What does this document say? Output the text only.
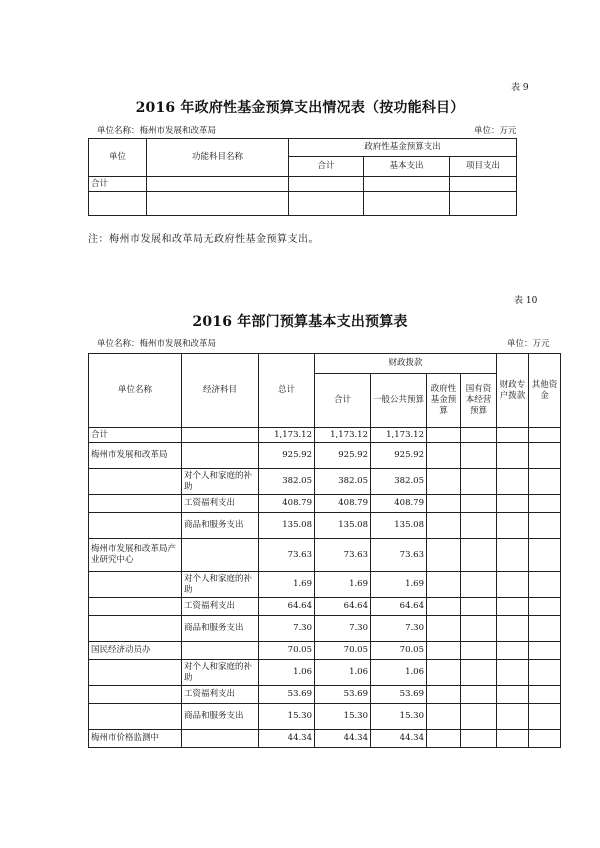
表 9
2016 年政府性基金预算支出情况表（按功能科目）
单位名称：梅州市发展和改革局	单位：万元
单位	功能科目名称	政府性基金预算支出		
		合计	基本支出	项目支出
合计				

注：梅州市发展和改革局无政府性基金预算支出。
表 10
2016 年部门预算基本支出预算表
单位名称：梅州市发展和改革局	单位：万元
单位名称	经济科目	总计	财政拨款				财政专户拨款	其他资金
			合计	一般公共预算	政府性基金预算	国有资本经营预算		
合计		1,173.12	1,173.12	1,173.12				
梅州市发展和改革局		925.92	925.92	925.92				
	对个人和家庭的补助	382.05	382.05	382.05				
	工资福利支出	408.79	408.79	408.79				
	商品和服务支出	135.08	135.08	135.08				
梅州市发展和改革局产业研究中心		73.63	73.63	73.63				
	对个人和家庭的补助	1.69	1.69	1.69				
	工资福利支出	64.64	64.64	64.64				
	商品和服务支出	7.30	7.30	7.30				
国民经济动员办		70.05	70.05	70.05				
	对个人和家庭的补助	1.06	1.06	1.06				
	工资福利支出	53.69	53.69	53.69				
	商品和服务支出	15.30	15.30	15.30				
梅州市价格监测中		44.34	44.34	44.34				
